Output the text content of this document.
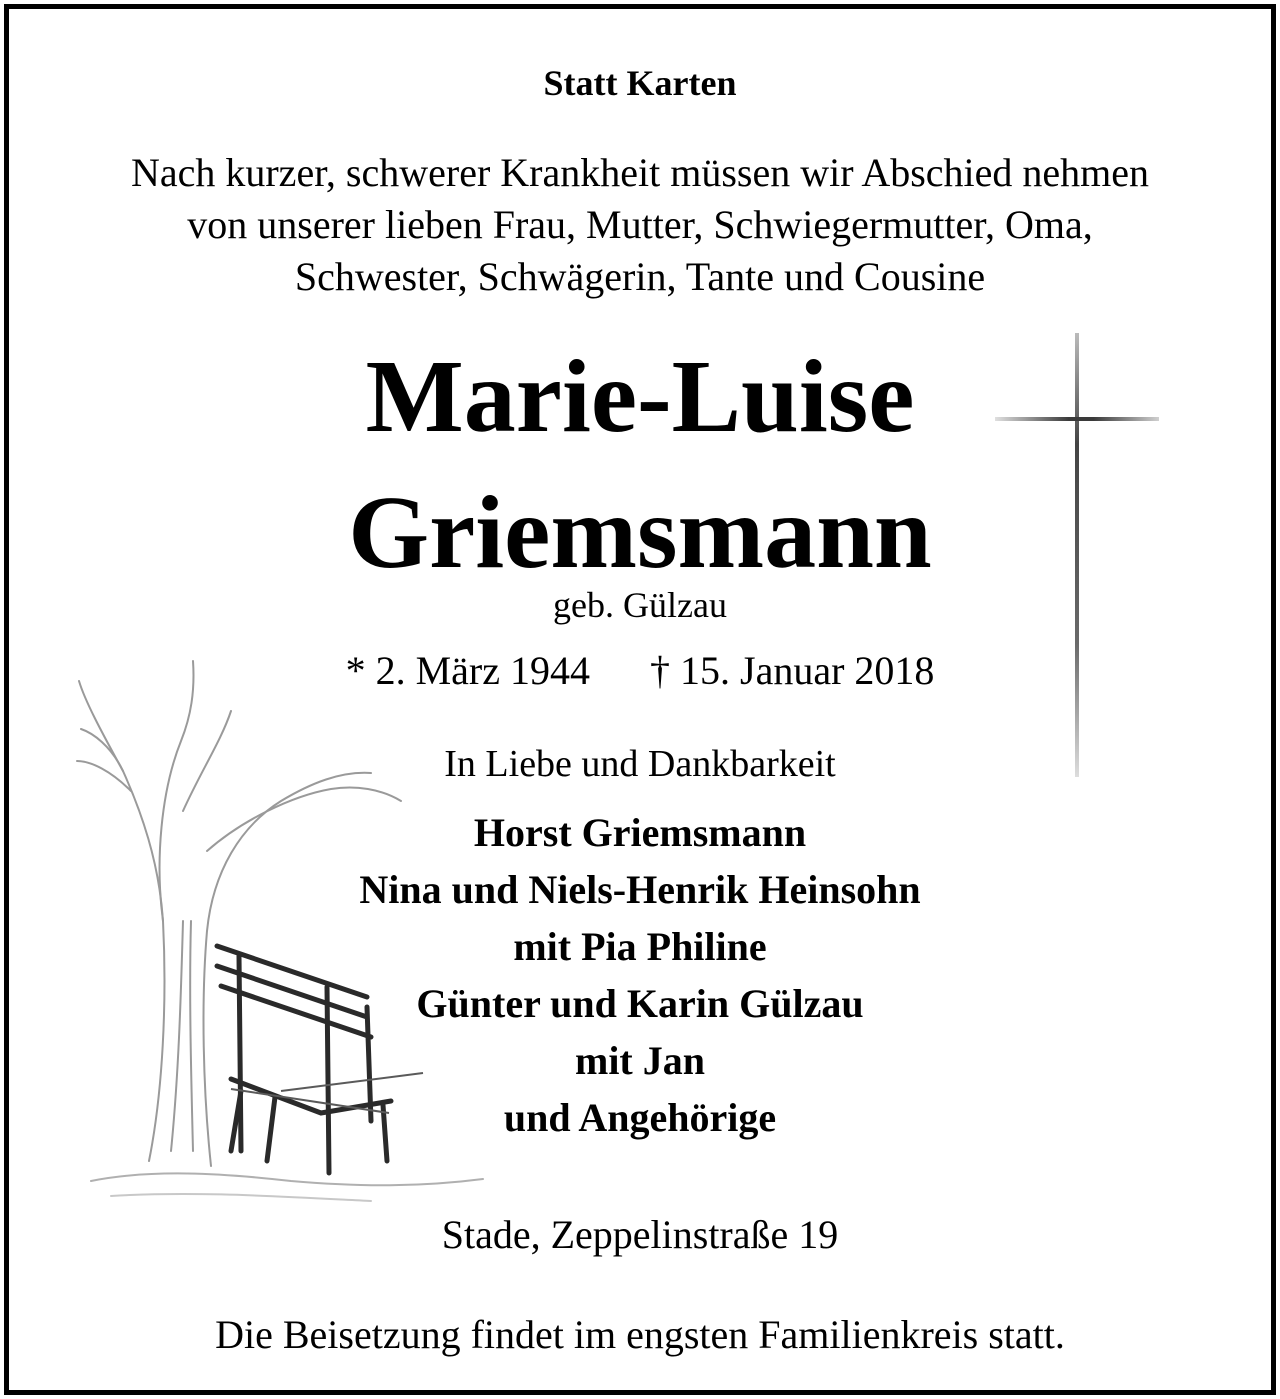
Statt Karten
Nach kurzer, schwerer Krankheit müssen wir Abschied nehmen
von unserer lieben Frau, Mutter, Schwiegermutter, Oma,
Schwester, Schwägerin, Tante und Cousine
Marie-Luise
Griemsmann
geb. Gülzau
* 2. März 1944 † 15. Januar 2018
In Liebe und Dankbarkeit
Horst Griemsmann
Nina und Niels-Henrik Heinsohn
mit Pia Philine
Günter und Karin Gülzau
mit Jan
und Angehörige
Stade, Zeppelinstraße 19
Die Beisetzung findet im engsten Familienkreis statt.
